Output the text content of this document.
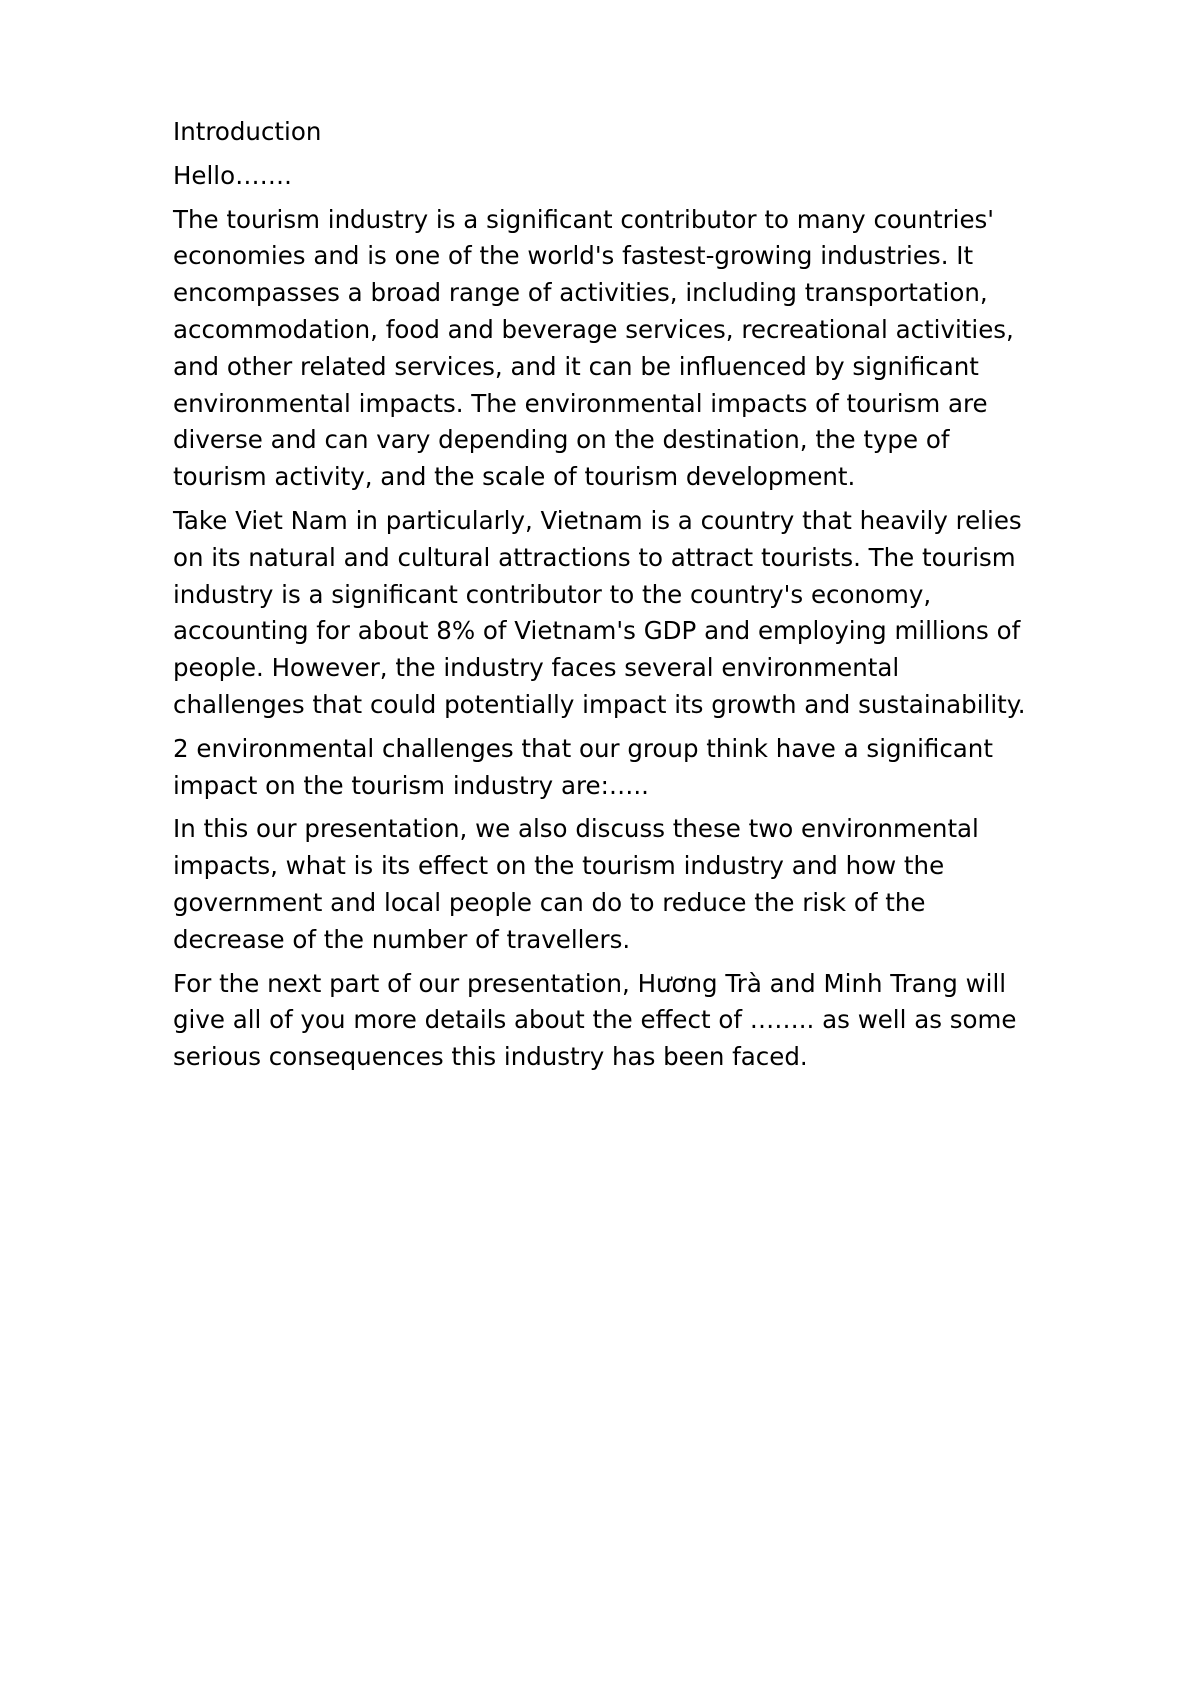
Introduction

Hello…….

The tourism industry is a significant contributor to many countries'
economies and is one of the world's fastest-growing industries. It
encompasses a broad range of activities, including transportation,
accommodation, food and beverage services, recreational activities,
and other related services, and it can be influenced by significant
environmental impacts. The environmental impacts of tourism are
diverse and can vary depending on the destination, the type of
tourism activity, and the scale of tourism development.

Take Viet Nam in particularly, Vietnam is a country that heavily relies
on its natural and cultural attractions to attract tourists. The tourism
industry is a significant contributor to the country's economy,
accounting for about 8% of Vietnam's GDP and employing millions of
people. However, the industry faces several environmental
challenges that could potentially impact its growth and sustainability.

2 environmental challenges that our group think have a significant
impact on the tourism industry are:…..

In this our presentation, we also discuss these two environmental
impacts, what is its effect on the tourism industry and how the
government and local people can do to reduce the risk of the
decrease of the number of travellers.

For the next part of our presentation, Hương Trà and Minh Trang will
give all of you more details about the effect of …….. as well as some
serious consequences this industry has been faced.
